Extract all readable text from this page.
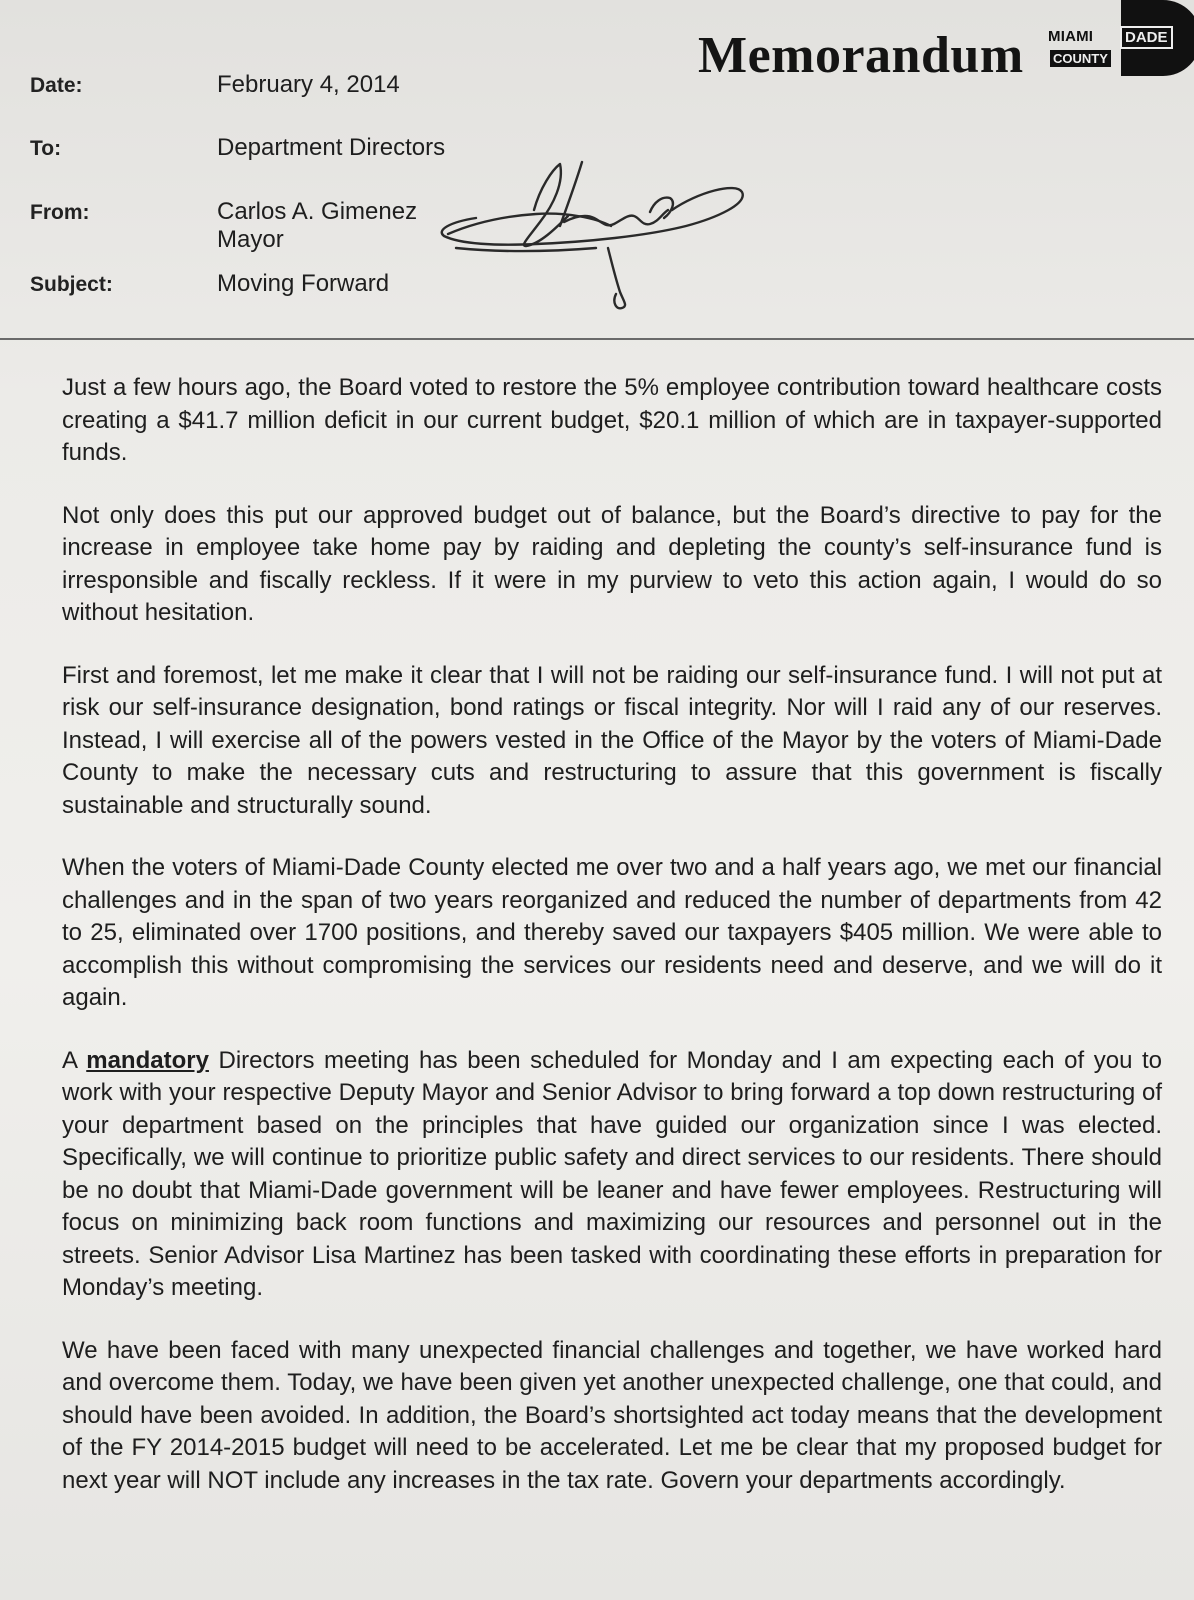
Memorandum MIAMI	DADE
COUNTY
Date:	February 4, 2014
To:	Department Directors
From:	Carlos A. Gimenez
Mayor
Subject:	Moving Forward

Just a few hours ago, the Board voted to restore the 5% employee contribution toward healthcare costs creating a $41.7 million deficit in our current budget, $20.1 million of which are in taxpayer-supported funds.

Not only does this put our approved budget out of balance, but the Board’s directive to pay for the increase in employee take home pay by raiding and depleting the county’s self-insurance fund is irresponsible and fiscally reckless. If it were in my purview to veto this action again, I would do so without hesitation.

First and foremost, let me make it clear that I will not be raiding our self-insurance fund. I will not put at risk our self-insurance designation, bond ratings or fiscal integrity. Nor will I raid any of our reserves. Instead, I will exercise all of the powers vested in the Office of the Mayor by the voters of Miami-Dade County to make the necessary cuts and restructuring to assure that this government is fiscally sustainable and structurally sound.

When the voters of Miami-Dade County elected me over two and a half years ago, we met our financial challenges and in the span of two years reorganized and reduced the number of departments from 42 to 25, eliminated over 1700 positions, and thereby saved our taxpayers $405 million. We were able to accomplish this without compromising the services our residents need and deserve, and we will do it again.

A mandatory Directors meeting has been scheduled for Monday and I am expecting each of you to work with your respective Deputy Mayor and Senior Advisor to bring forward a top down restructuring of your department based on the principles that have guided our organization since I was elected. Specifically, we will continue to prioritize public safety and direct services to our residents. There should be no doubt that Miami-Dade government will be leaner and have fewer employees. Restructuring will focus on minimizing back room functions and maximizing our resources and personnel out in the streets. Senior Advisor Lisa Martinez has been tasked with coordinating these efforts in preparation for Monday’s meeting.

We have been faced with many unexpected financial challenges and together, we have worked hard and overcome them. Today, we have been given yet another unexpected challenge, one that could, and should have been avoided. In addition, the Board’s shortsighted act today means that the development of the FY 2014-2015 budget will need to be accelerated. Let me be clear that my proposed budget for next year will NOT include any increases in the tax rate. Govern your departments accordingly.
